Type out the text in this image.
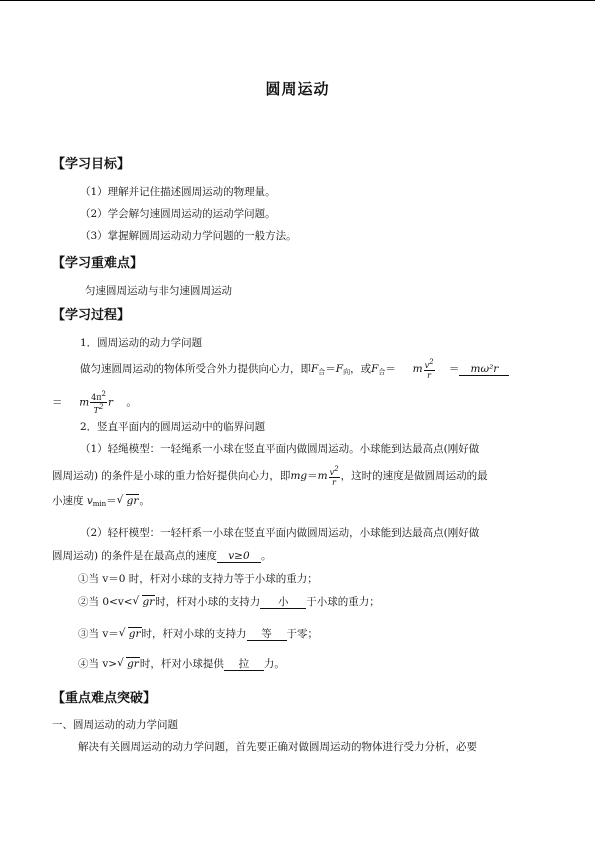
圆周运动
【学习目标】
（1）理解并记住描述圆周运动的物理量。
（2）学会解匀速圆周运动的运动学问题。
（3）掌握解圆周运动动力学问题的一般方法。
【学习重难点】
匀速圆周运动与非匀速圆周运动
【学习过程】
1．圆周运动的动力学问题
做匀速圆周运动的物体所受合外力提供向心力，即$F_合=F_向$，或$F_合=$     m $\frac{v^2}{r} = m\omega^2r$
＝     m $\frac{4\pi^2}{T^2}$ r 。
2．竖直平面内的圆周运动中的临界问题
（1）轻绳模型：一轻绳系一小球在竖直平面内做圆周运动。小球能到达最高点(刚好做
圆周运动) 的条件是小球的重力恰好提供向心力，即$mg=m \frac{v^2}{r}$ ，这时的速度是做圆周运动的最
小速度 $v_{min}=√$ gr。
（2）轻杆模型：一轻杆系一小球在竖直平面内做圆周运动，小球能到达最高点(刚好做
圆周运动) 的条件是在最高点的速度 v≥0 。
①当 v＝0 时，杆对小球的支持力等于小球的重力；
②当 0<v<√ gr时，杆对小球的支持力 小 于小球的重力；
③当 v＝√ gr时，杆对小球的支持力 等 于零；
④当 v>√ gr时，杆对小球提供 拉 力。
【重点难点突破】
一、圆周运动的动力学问题
解决有关圆周运动的动力学问题，首先要正确对做圆周运动的物体进行受力分析，必要
